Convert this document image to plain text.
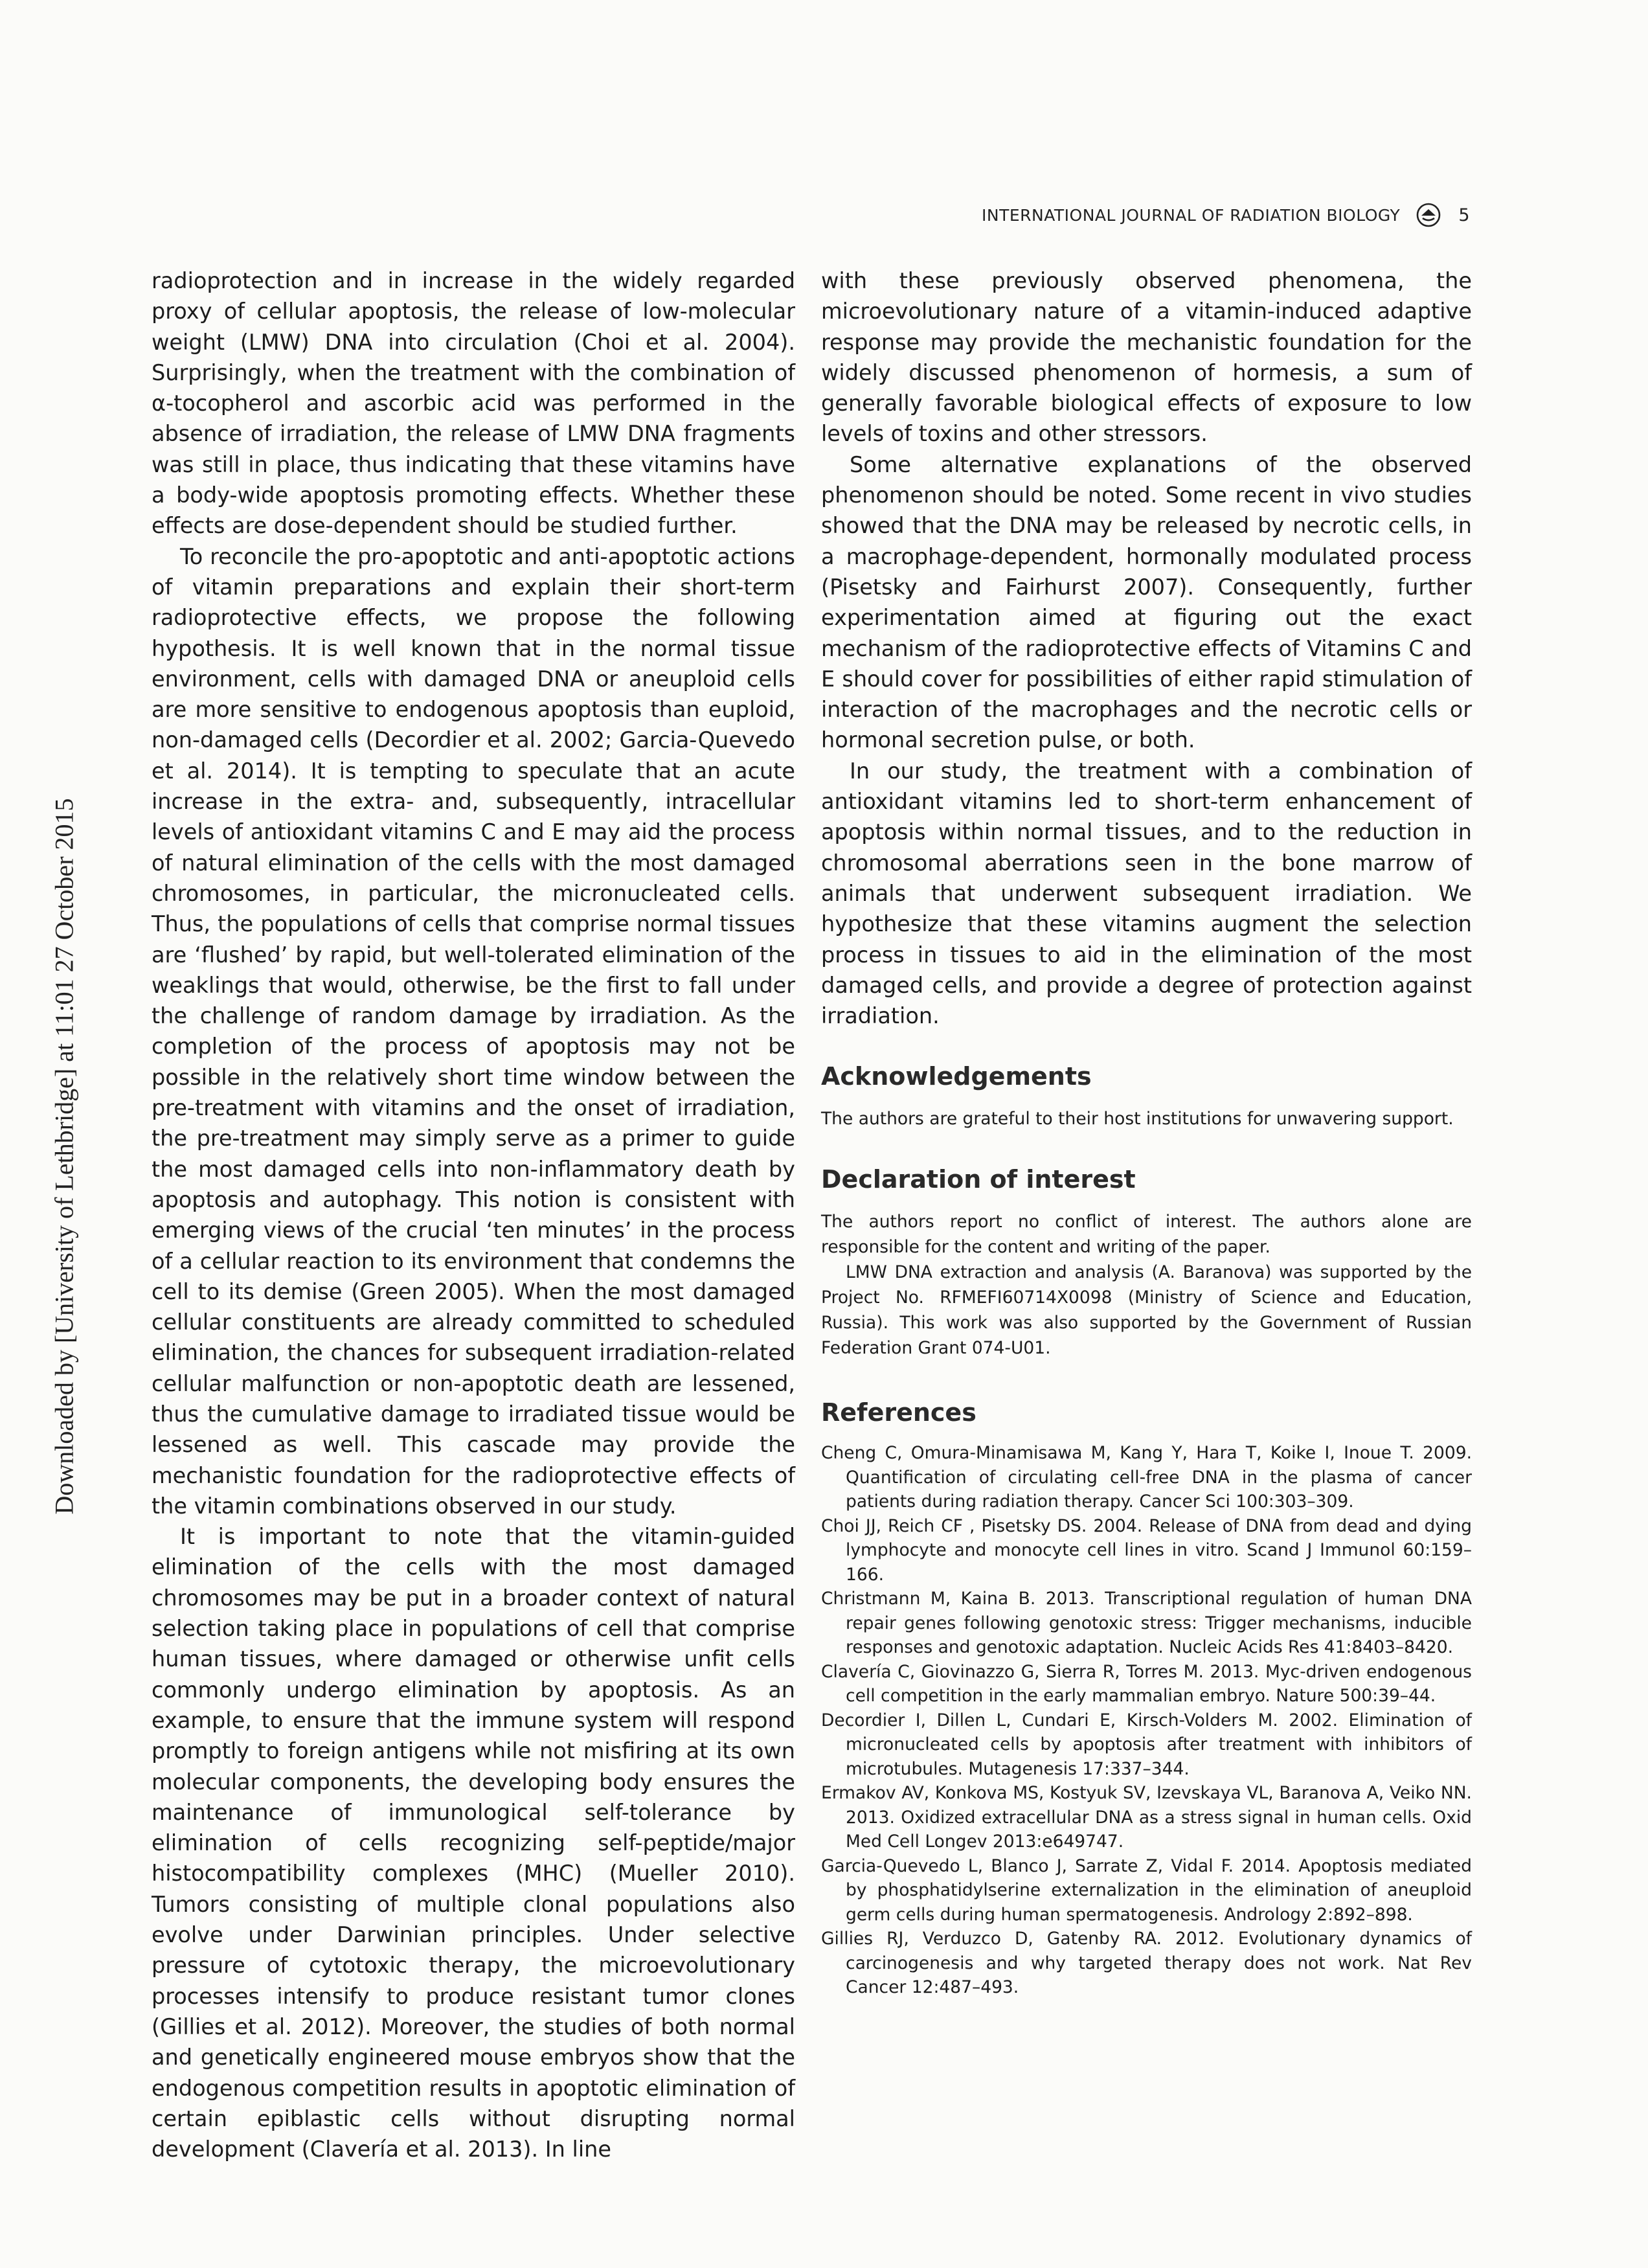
INTERNATIONAL JOURNAL OF RADIATION BIOLOGY	5
Downloaded by [University of Lethbridge] at 11:01 27 October 2015

radioprotection and in increase in the widely regarded proxy of cellular apoptosis, the release of low-molecular weight (LMW) DNA into circulation (Choi et al. 2004). Surprisingly, when the treatment with the combination of α-tocopherol and ascorbic acid was performed in the absence of irradiation, the release of LMW DNA fragments was still in place, thus indicating that these vitamins have a body-wide apoptosis promoting effects. Whether these effects are dose-dependent should be studied further.

To reconcile the pro-apoptotic and anti-apoptotic actions of vitamin preparations and explain their short-term radioprotective effects, we propose the following hypothesis. It is well known that in the normal tissue environment, cells with damaged DNA or aneuploid cells are more sensitive to endogenous apoptosis than euploid, non-damaged cells (Decordier et al. 2002; Garcia-Quevedo et al. 2014). It is tempting to speculate that an acute increase in the extra- and, subsequently, intracellular levels of antioxidant vitamins C and E may aid the process of natural elimination of the cells with the most damaged chromosomes, in particular, the micronucleated cells. Thus, the populations of cells that comprise normal tissues are ‘flushed’ by rapid, but well-tolerated elimination of the weaklings that would, otherwise, be the first to fall under the challenge of random damage by irradiation. As the completion of the process of apoptosis may not be possible in the relatively short time window between the pre-treatment with vitamins and the onset of irradiation, the pre-treatment may simply serve as a primer to guide the most damaged cells into non-inflammatory death by apoptosis and autophagy. This notion is consistent with emerging views of the crucial ‘ten minutes’ in the process of a cellular reaction to its environment that condemns the cell to its demise (Green 2005). When the most damaged cellular constituents are already committed to scheduled elimination, the chances for subsequent irradiation-related cellular malfunction or non-apoptotic death are lessened, thus the cumulative damage to irradiated tissue would be lessened as well. This cascade may provide the mechanistic foundation for the radioprotective effects of the vitamin combinations observed in our study.

It is important to note that the vitamin-guided elimination of the cells with the most damaged chromosomes may be put in a broader context of natural selection taking place in populations of cell that comprise human tissues, where damaged or otherwise unfit cells commonly undergo elimination by apoptosis. As an example, to ensure that the immune system will respond promptly to foreign antigens while not misfiring at its own molecular components, the developing body ensures the maintenance of immunological self-tolerance by elimination of cells recognizing self-peptide/major histocompatibility complexes (MHC) (Mueller 2010). Tumors consisting of multiple clonal populations also evolve under Darwinian principles. Under selective pressure of cytotoxic therapy, the microevolutionary processes intensify to produce resistant tumor clones (Gillies et al. 2012). Moreover, the studies of both normal and genetically engineered mouse embryos show that the endogenous competition results in apoptotic elimination of certain epiblastic cells without disrupting normal development (Clavería et al. 2013). In line

with these previously observed phenomena, the microevolutionary nature of a vitamin-induced adaptive response may provide the mechanistic foundation for the widely discussed phenomenon of hormesis, a sum of generally favorable biological effects of exposure to low levels of toxins and other stressors.

Some alternative explanations of the observed phenomenon should be noted. Some recent in vivo studies showed that the DNA may be released by necrotic cells, in a macrophage-dependent, hormonally modulated process (Pisetsky and Fairhurst 2007). Consequently, further experimentation aimed at figuring out the exact mechanism of the radioprotective effects of Vitamins C and E should cover for possibilities of either rapid stimulation of interaction of the macrophages and the necrotic cells or hormonal secretion pulse, or both.

In our study, the treatment with a combination of antioxidant vitamins led to short-term enhancement of apoptosis within normal tissues, and to the reduction in chromosomal aberrations seen in the bone marrow of animals that underwent subsequent irradiation. We hypothesize that these vitamins augment the selection process in tissues to aid in the elimination of the most damaged cells, and provide a degree of protection against irradiation.

Acknowledgements

The authors are grateful to their host institutions for unwavering support.

Declaration of interest

The authors report no conflict of interest. The authors alone are responsible for the content and writing of the paper.

LMW DNA extraction and analysis (A. Baranova) was supported by the Project No. RFMEFI60714X0098 (Ministry of Science and Education, Russia). This work was also supported by the Government of Russian Federation Grant 074-U01.

References
Cheng C, Omura-Minamisawa M, Kang Y, Hara T, Koike I, Inoue T. 2009. Quantification of circulating cell-free DNA in the plasma of cancer patients during radiation therapy. Cancer Sci 100:303–309.
Choi JJ, Reich CF , Pisetsky DS. 2004. Release of DNA from dead and dying lymphocyte and monocyte cell lines in vitro. Scand J Immunol 60:159–166.
Christmann M, Kaina B. 2013. Transcriptional regulation of human DNA repair genes following genotoxic stress: Trigger mechanisms, inducible responses and genotoxic adaptation. Nucleic Acids Res 41:8403–8420.
Clavería C, Giovinazzo G, Sierra R, Torres M. 2013. Myc-driven endogenous cell competition in the early mammalian embryo. Nature 500:39–44.
Decordier I, Dillen L, Cundari E, Kirsch-Volders M. 2002. Elimination of micronucleated cells by apoptosis after treatment with inhibitors of microtubules. Mutagenesis 17:337–344.
Ermakov AV, Konkova MS, Kostyuk SV, Izevskaya VL, Baranova A, Veiko NN. 2013. Oxidized extracellular DNA as a stress signal in human cells. Oxid Med Cell Longev 2013:e649747.
Garcia-Quevedo L, Blanco J, Sarrate Z, Vidal F. 2014. Apoptosis mediated by phosphatidylserine externalization in the elimination of aneuploid germ cells during human spermatogenesis. Andrology 2:892–898.
Gillies RJ, Verduzco D, Gatenby RA. 2012. Evolutionary dynamics of carcinogenesis and why targeted therapy does not work. Nat Rev Cancer 12:487–493.
